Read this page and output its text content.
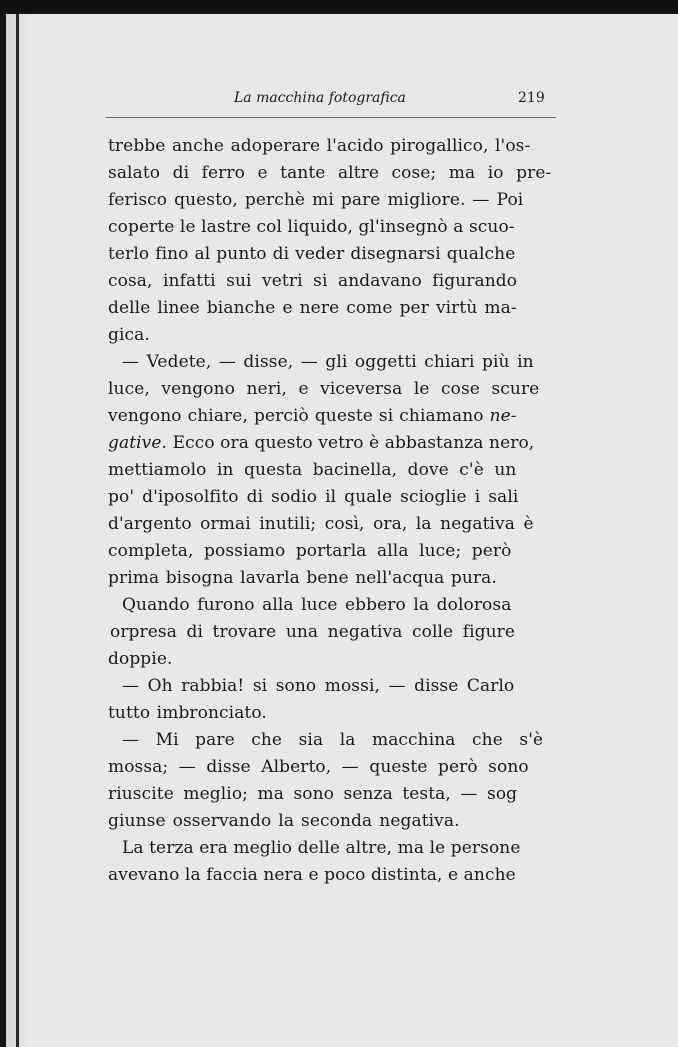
La macchina fotografica	219
trebbe anche adoperare l'acido pirogallico, l'os-
salato di ferro e tante altre cose; ma io pre-
ferisco questo, perchè mi pare migliore. — Poi
coperte le lastre col liquido, gl'insegnò a scuo-
terlo fino al punto di veder disegnarsi qualche
cosa, infatti sui vetri si andavano figurando
delle linee bianche e nere come per virtù ma-
gica.
— Vedete, — disse, — gli oggetti chiari più in
luce, vengono neri, e viceversa le cose scure
vengono chiare, perciò queste si chiamano ne-
gative. Ecco ora questo vetro è abbastanza nero,
mettiamolo in questa bacinella, dove c'è un
po' d'iposolfito di sodio il quale scioglie i sali
d'argento ormai inutili; così, ora, la negativa è
completa, possiamo portarla alla luce; però
prima bisogna lavarla bene nell'acqua pura.
Quando furono alla luce ebbero la dolorosa
orpresa di trovare una negativa colle figure
doppie.
— Oh rabbia! si sono mossi, — disse Carlo
tutto imbronciato.
— Mi pare che sia la macchina che s'è
mossa; — disse Alberto, — queste però sono
riuscite meglio; ma sono senza testa, — sog
giunse osservando la seconda negativa.
La terza era meglio delle altre, ma le persone
avevano la faccia nera e poco distinta, e anche
